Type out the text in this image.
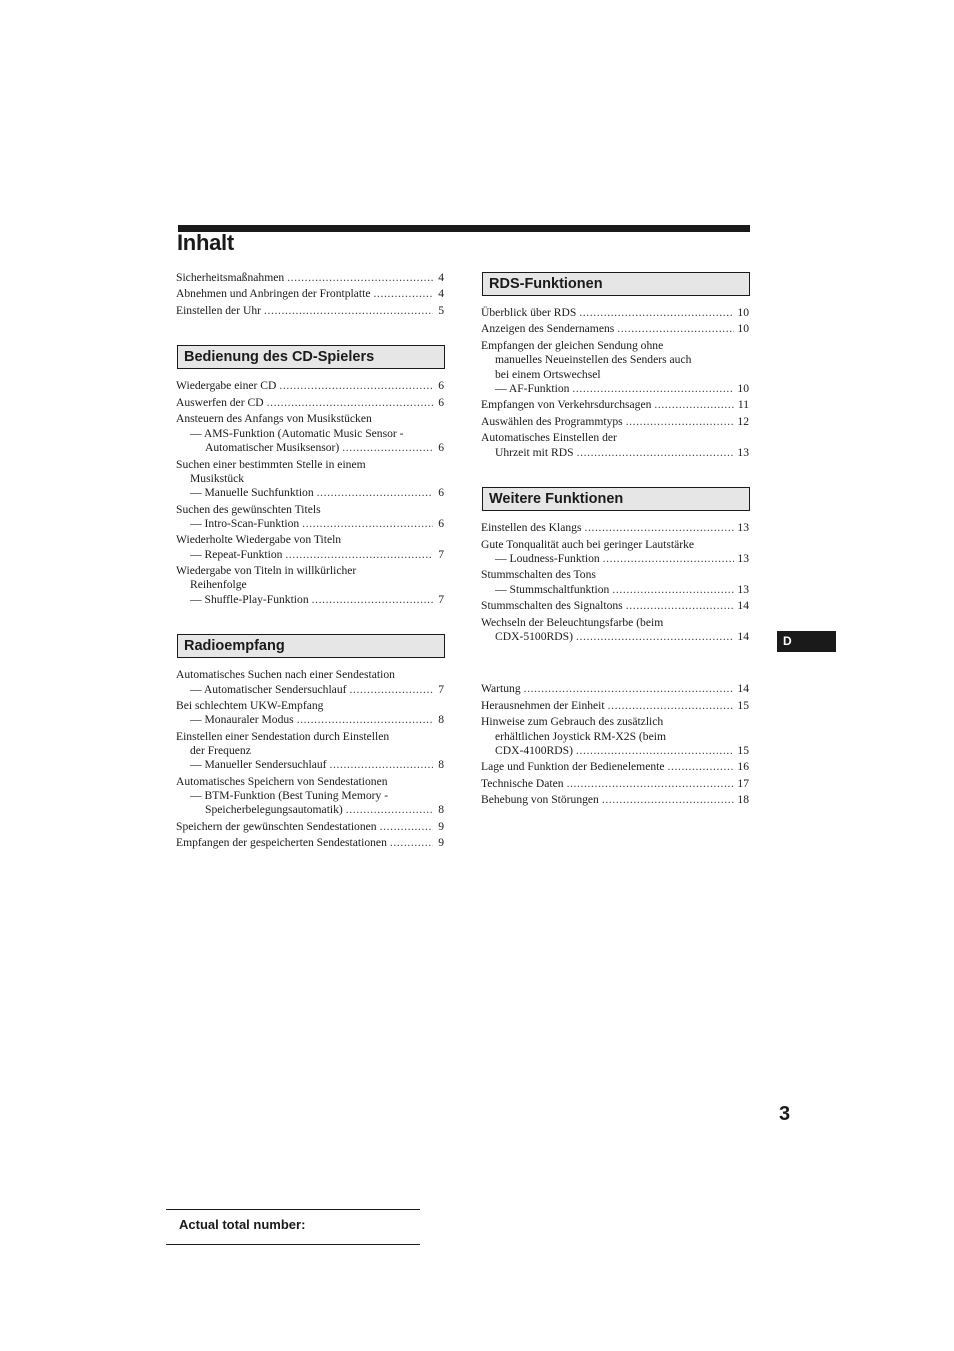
Inhalt
Sicherheitsmaßnahmen .....	4
Abnehmen und Anbringen der Frontplatte .....	4
Einstellen der Uhr .....	5
Bedienung des CD-Spielers
Wiedergabe einer CD .....	6
Auswerfen der CD .....	6
Ansteuern des Anfangs von Musikstücken
— AMS-Funktion (Automatic Music Sensor -
Automatischer Musiksensor) .....	6
Suchen einer bestimmten Stelle in einem
Musikstück
— Manuelle Suchfunktion .....	6
Suchen des gewünschten Titels
— Intro-Scan-Funktion .....	6
Wiederholte Wiedergabe von Titeln
— Repeat-Funktion .....	7
Wiedergabe von Titeln in willkürlicher
Reihenfolge
— Shuffle-Play-Funktion .....	7
Radioempfang
Automatisches Suchen nach einer Sendestation
— Automatischer Sendersuchlauf .....	7
Bei schlechtem UKW-Empfang
— Monauraler Modus .....	8
Einstellen einer Sendestation durch Einstellen
der Frequenz
— Manueller Sendersuchlauf .....	8
Automatisches Speichern von Sendestationen
— BTM-Funktion (Best Tuning Memory -
Speicherbelegungsautomatik) .....	8
Speichern der gewünschten Sendestationen .....	9
Empfangen der gespeicherten Sendestationen .....	9
RDS-Funktionen
Überblick über RDS .....	10
Anzeigen des Sendernamens .....	10
Empfangen der gleichen Sendung ohne
manuelles Neueinstellen des Senders auch
bei einem Ortswechsel
— AF-Funktion .....	10
Empfangen von Verkehrsdurchsagen .....	11
Auswählen des Programmtyps .....	12
Automatisches Einstellen der
Uhrzeit mit RDS .....	13
Weitere Funktionen
Einstellen des Klangs .....	13
Gute Tonqualität auch bei geringer Lautstärke
— Loudness-Funktion .....	13
Stummschalten des Tons
— Stummschaltfunktion .....	13
Stummschalten des Signaltons .....	14
Wechseln der Beleuchtungsfarbe (beim
CDX-5100RDS) .....	14
Wartung .....	14
Herausnehmen der Einheit .....	15
Hinweise zum Gebrauch des zusätzlich
erhältlichen Joystick RM-X2S (beim
CDX-4100RDS) .....	15
Lage und Funktion der Bedienelemente .....	16
Technische Daten .....	17
Behebung von Störungen .....	18
D
3
Actual total number:
